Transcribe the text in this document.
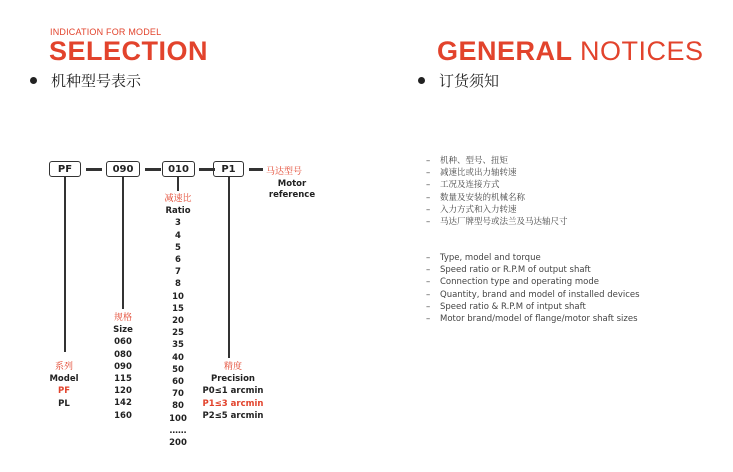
INDICATION FOR MODEL
SELECTION
机种型号表示
GENERAL NOTICES
订货须知
PF	090	010	P1	马达型号
Motor
reference
系列
Model
PF
PL
规格
Size
060
080
090
115
120
142
160
减速比
Ratio
3
4
5
6
7
8
10
15
20
25
35
40
50
60
70
80
100
……
200
精度
Precision
P0≤1 arcmin
P1≤3 arcmin
P2≤5 arcmin
– 机种、型号、扭矩
– 减速比或出力轴转速
– 工况及连接方式
– 数量及安装的机械名称
– 入力方式和入力转速
– 马达厂牌型号或法兰及马达轴尺寸
– Type, model and torque
– Speed ratio or R.P.M of output shaft
– Connection type and operating mode
– Quantity, brand and model of installed devices
– Speed ratio & R.P.M of intput shaft
– Motor brand/model of flange/motor shaft sizes
